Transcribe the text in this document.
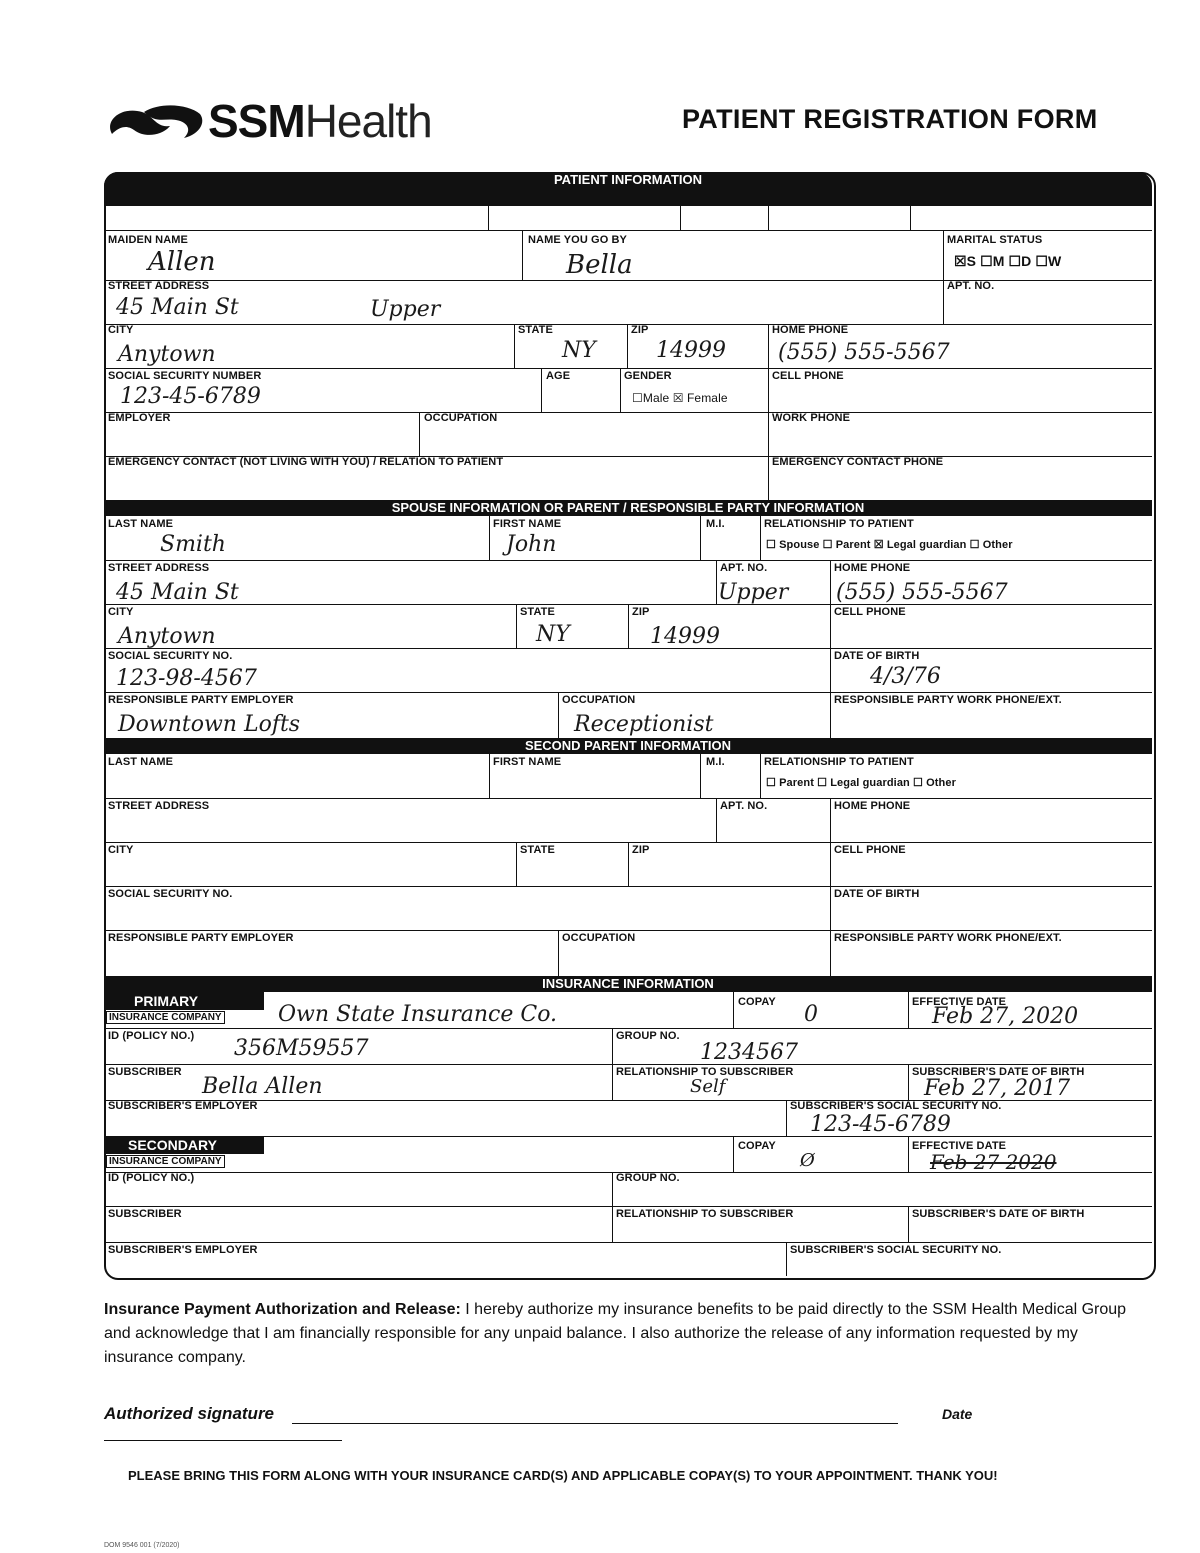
SSMHealth	PATIENT REGISTRATION FORM
PATIENT INFORMATION
MAIDEN NAME
Allen
NAME YOU GO BY
Bella
MARITAL STATUS
☒S ☐M ☐D ☐W
STREET ADDRESS
45 Main St	Upper
APT. NO.
CITY
Anytown
STATE
NY
ZIP
14999
HOME PHONE
(555) 555-5567
SOCIAL SECURITY NUMBER
123-45-6789
AGE	GENDER
☐Male ☒ Female
CELL PHONE
EMPLOYER	OCCUPATION	WORK PHONE
EMERGENCY CONTACT (NOT LIVING WITH YOU) / RELATION TO PATIENT	EMERGENCY CONTACT PHONE
SPOUSE INFORMATION OR PARENT / RESPONSIBLE PARTY INFORMATION
LAST NAME
Smith
FIRST NAME
John
M.I.	RELATIONSHIP TO PATIENT
☐ Spouse ☐ Parent ☒ Legal guardian ☐ Other
STREET ADDRESS
45 Main St
APT. NO.
Upper
HOME PHONE
(555) 555-5567
CITY
Anytown
STATE
NY
ZIP
14999
CELL PHONE
SOCIAL SECURITY NO.
123-98-4567
DATE OF BIRTH
4/3/76
RESPONSIBLE PARTY EMPLOYER
Downtown Lofts
OCCUPATION
Receptionist
RESPONSIBLE PARTY WORK PHONE/EXT.
SECOND PARENT INFORMATION
LAST NAME	FIRST NAME	M.I.	RELATIONSHIP TO PATIENT
☐ Parent ☐ Legal guardian ☐ Other
STREET ADDRESS	APT. NO.	HOME PHONE
CITY	STATE	ZIP	CELL PHONE
SOCIAL SECURITY NO.	DATE OF BIRTH
RESPONSIBLE PARTY EMPLOYER	OCCUPATION	RESPONSIBLE PARTY WORK PHONE/EXT.
INSURANCE INFORMATION
PRIMARY
INSURANCE COMPANY	Own State Insurance Co.	COPAY 0	EFFECTIVE DATE
Feb 27, 2020
ID (POLICY NO.) 356M59557	GROUP NO.
1234567
SUBSCRIBER
Bella Allen
RELATIONSHIP TO SUBSCRIBER
Self
SUBSCRIBER'S DATE OF BIRTH
Feb 27, 2017
SUBSCRIBER'S EMPLOYER	SUBSCRIBER'S SOCIAL SECURITY NO.
123-45-6789
SECONDARY
INSURANCE COMPANY
COPAY
Ø
EFFECTIVE DATE
Feb 27 2020
ID (POLICY NO.)	GROUP NO.
SUBSCRIBER	RELATIONSHIP TO SUBSCRIBER	SUBSCRIBER'S DATE OF BIRTH
SUBSCRIBER'S EMPLOYER	SUBSCRIBER'S SOCIAL SECURITY NO.
Insurance Payment Authorization and Release: I hereby authorize my insurance benefits to be paid directly to the SSM Health Medical Group and acknowledge that I am financially responsible for any unpaid balance. I also authorize the release of any information requested by my insurance company.
Authorized signature	Date
PLEASE BRING THIS FORM ALONG WITH YOUR INSURANCE CARD(S) AND APPLICABLE COPAY(S) TO YOUR APPOINTMENT. THANK YOU!
DOM 9546 001 (7/2020)
